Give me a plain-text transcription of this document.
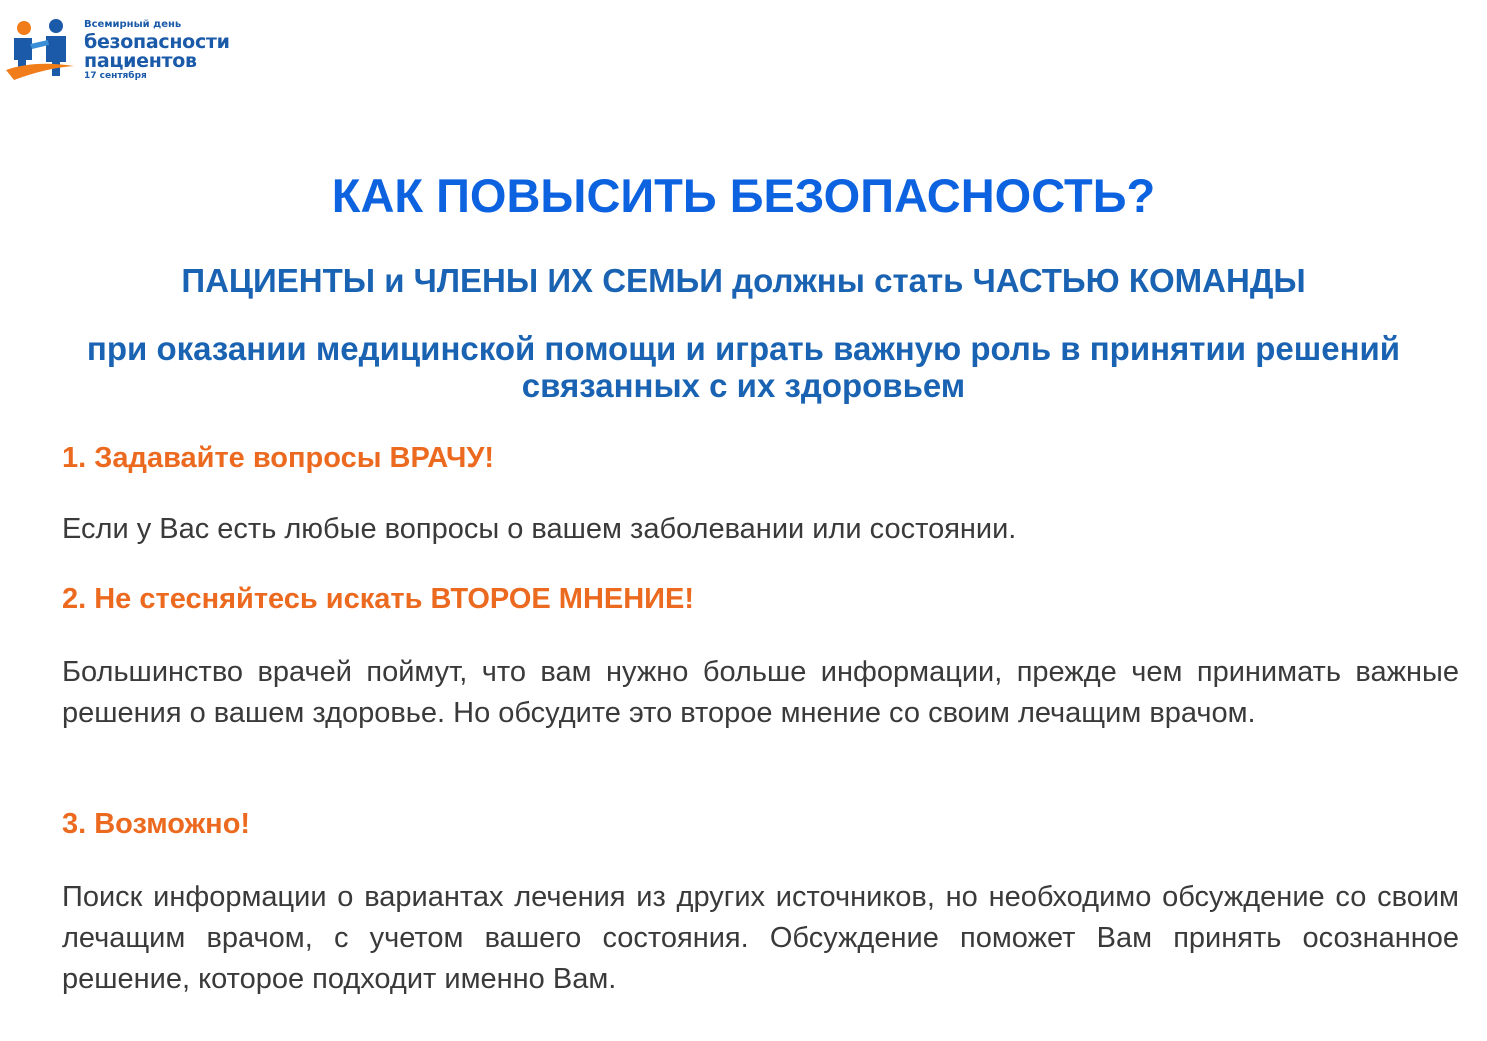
Всемирный день
безопасности
пациентов
17 сентября
КАК ПОВЫСИТЬ БЕЗОПАСНОСТЬ?

ПАЦИЕНТЫ и ЧЛЕНЫ ИХ СЕМЬИ должны стать ЧАСТЬЮ КОМАНДЫ

при оказании медицинской помощи и играть важную роль в принятии решений связанных с их здоровьем

1. Задавайте вопросы ВРАЧУ!

Если у Вас есть любые вопросы о вашем заболевании или состоянии.

2. Не стесняйтесь искать ВТОРОЕ МНЕНИЕ!

Большинство врачей поймут, что вам нужно больше информации, прежде чем принимать важные решения о вашем здоровье. Но обсудите это второе мнение со своим лечащим врачом.

3. Возможно!

Поиск информации о вариантах лечения из других источников, но необходимо обсуждение со своим лечащим врачом, с учетом вашего состояния. Обсуждение поможет Вам принять осознанное решение, которое подходит именно Вам.
